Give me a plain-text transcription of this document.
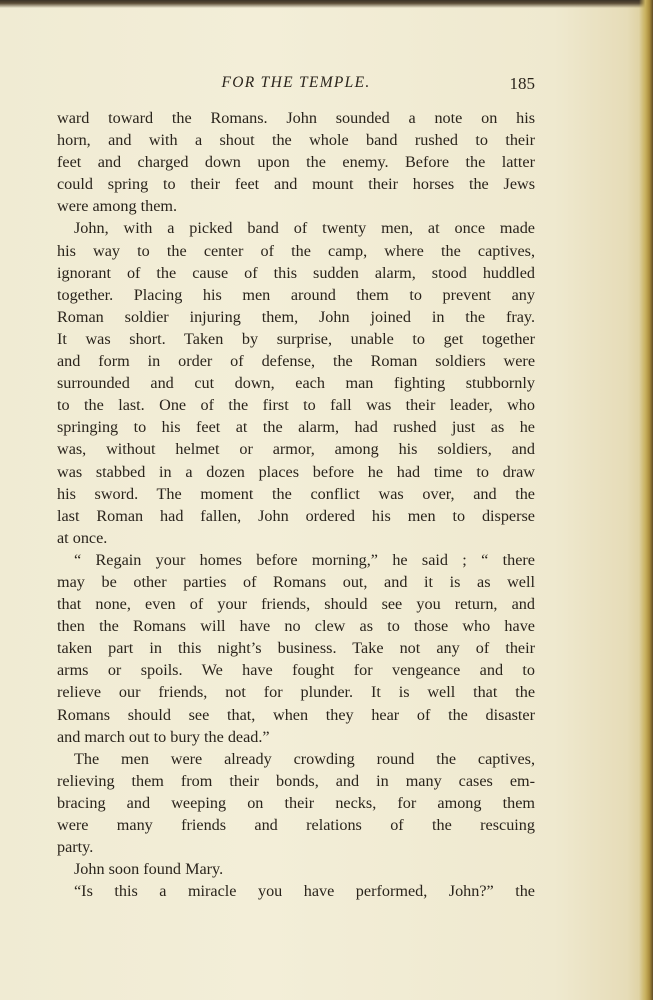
FOR THE TEMPLE.	185
ward toward the Romans. John sounded a note on his
horn, and with a shout the whole band rushed to their
feet and charged down upon the enemy. Before the latter
could spring to their feet and mount their horses the Jews
were among them.
John, with a picked band of twenty men, at once made
his way to the center of the camp, where the captives,
ignorant of the cause of this sudden alarm, stood huddled
together. Placing his men around them to prevent any
Roman soldier injuring them, John joined in the fray.
It was short. Taken by surprise, unable to get together
and form in order of defense, the Roman soldiers were
surrounded and cut down, each man fighting stubbornly
to the last. One of the first to fall was their leader, who
springing to his feet at the alarm, had rushed just as he
was, without helmet or armor, among his soldiers, and
was stabbed in a dozen places before he had time to draw
his sword. The moment the conflict was over, and the
last Roman had fallen, John ordered his men to disperse
at once.
“ Regain your homes before morning,” he said ; “ there
may be other parties of Romans out, and it is as well
that none, even of your friends, should see you return, and
then the Romans will have no clew as to those who have
taken part in this night’s business. Take not any of their
arms or spoils. We have fought for vengeance and to
relieve our friends, not for plunder. It is well that the
Romans should see that, when they hear of the disaster
and march out to bury the dead.”
The men were already crowding round the captives,
relieving them from their bonds, and in many cases em-
bracing and weeping on their necks, for among them
were many friends and relations of the rescuing
party.
John soon found Mary.
“Is this a miracle you have performed, John?” the
